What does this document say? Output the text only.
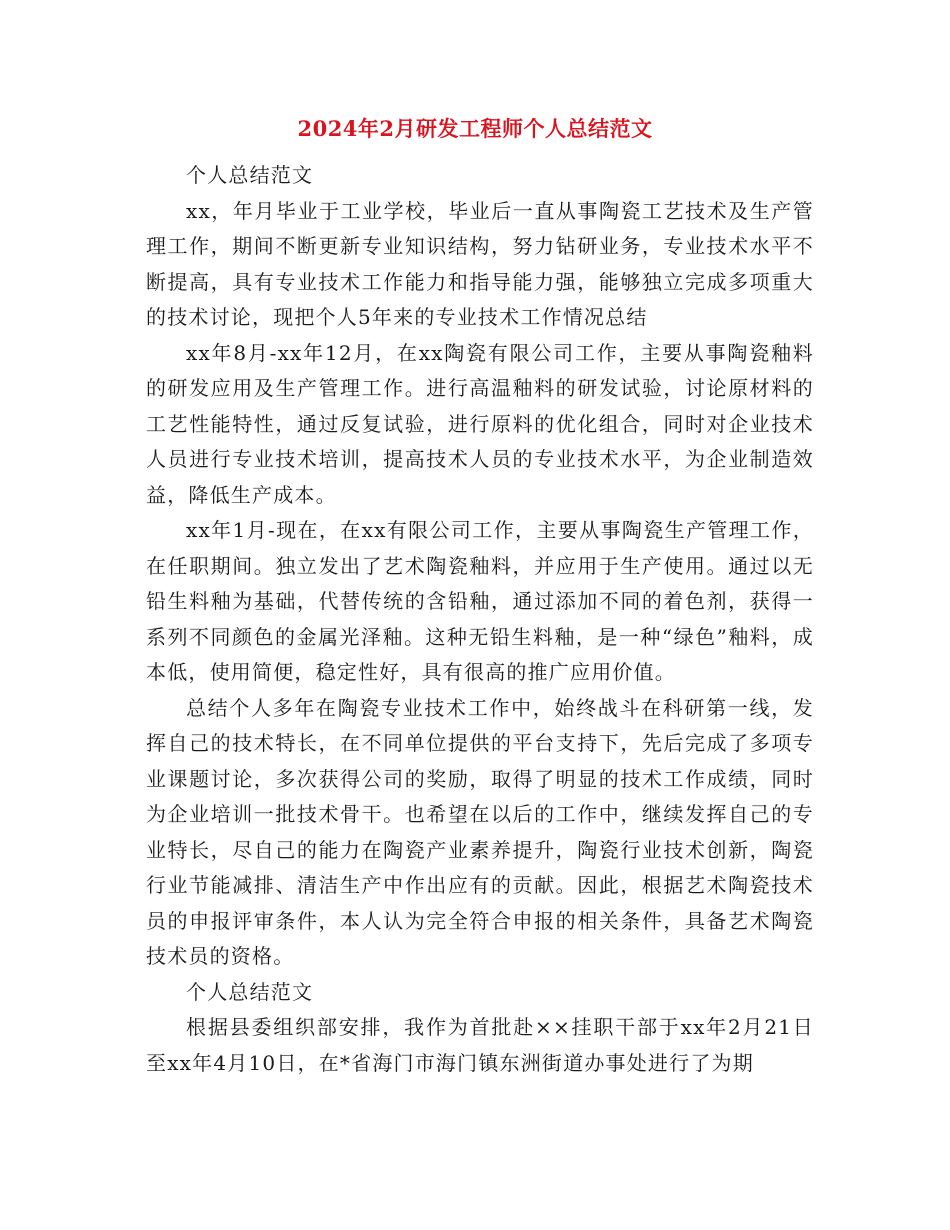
2024年2月研发工程师个人总结范文

个人总结范文

xx，年月毕业于工业学校，毕业后一直从事陶瓷工艺技术及生产管理工作，期间不断更新专业知识结构，努力钻研业务，专业技术水平不断提高，具有专业技术工作能力和指导能力强，能够独立完成多项重大的技术讨论，现把个人5年来的专业技术工作情况总结

xx年8月-xx年12月，在xx陶瓷有限公司工作，主要从事陶瓷釉料的研发应用及生产管理工作。进行高温釉料的研发试验，讨论原材料的工艺性能特性，通过反复试验，进行原料的优化组合，同时对企业技术人员进行专业技术培训，提高技术人员的专业技术水平，为企业制造效益，降低生产成本。

xx年1月-现在，在xx有限公司工作，主要从事陶瓷生产管理工作，在任职期间。独立发出了艺术陶瓷釉料，并应用于生产使用。通过以无铅生料釉为基础，代替传统的含铅釉，通过添加不同的着色剂，获得一系列不同颜色的金属光泽釉。这种无铅生料釉，是一种“绿色”釉料，成本低，使用简便，稳定性好，具有很高的推广应用价值。

总结个人多年在陶瓷专业技术工作中，始终战斗在科研第一线，发挥自己的技术特长，在不同单位提供的平台支持下，先后完成了多项专业课题讨论，多次获得公司的奖励，取得了明显的技术工作成绩，同时为企业培训一批技术骨干。也希望在以后的工作中，继续发挥自己的专业特长，尽自己的能力在陶瓷产业素养提升，陶瓷行业技术创新，陶瓷行业节能减排、清洁生产中作出应有的贡献。因此，根据艺术陶瓷技术员的申报评审条件，本人认为完全符合申报的相关条件，具备艺术陶瓷技术员的资格。

个人总结范文

根据县委组织部安排，我作为首批赴××挂职干部于xx年2月21日至xx年4月10日，在*省海门市海门镇东洲街道办事处进行了为期
